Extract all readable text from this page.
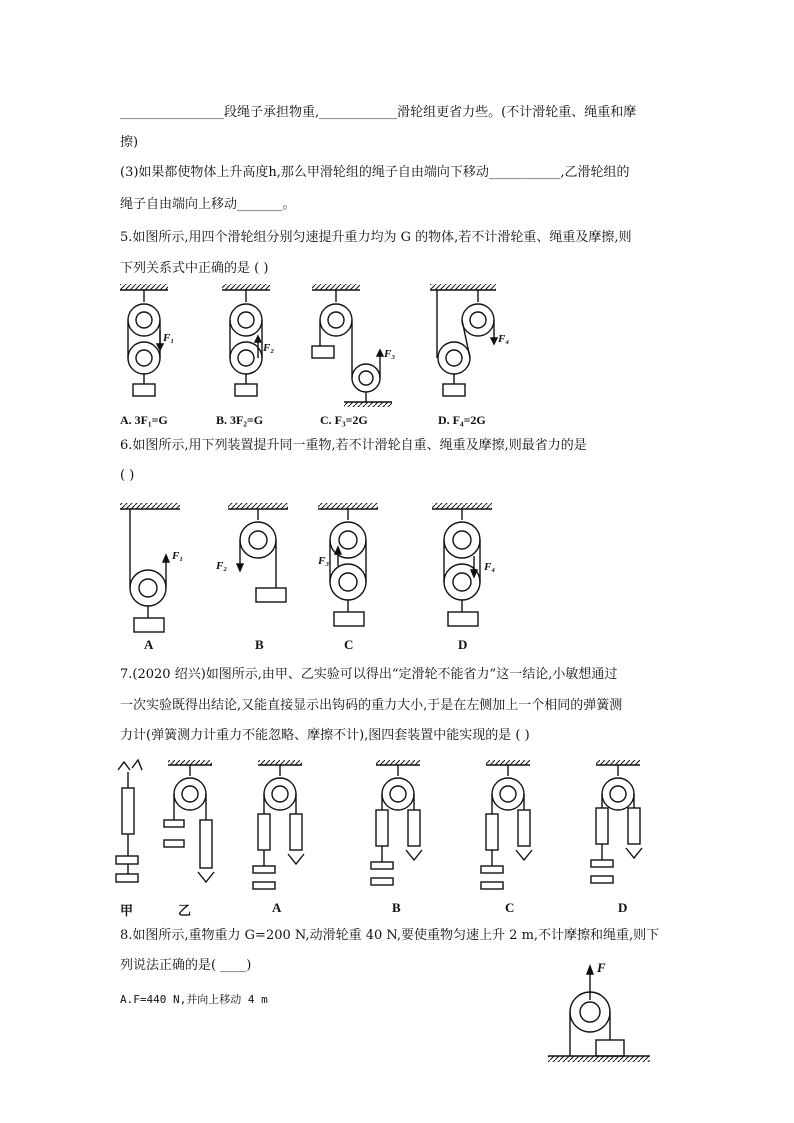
________________段绳子承担物重,____________滑轮组更省力些。(不计滑轮重、绳重和摩
擦)
(3)如果都使物体上升高度h,那么甲滑轮组的绳子自由端向下移动___________,乙滑轮组的
绳子自由端向上移动_______。
5.如图所示,用四个滑轮组分别匀速提升重力均为 G 的物体,若不计滑轮重、绳重及摩擦,则
下列关系式中正确的是 ( )
F₁
F₂	F₃
F₄
A. 3F₁=G	B. 3F₂=G	C. F₃=2G	D. F₄=2G
6.如图所示,用下列装置提升同一重物,若不计滑轮自重、绳重及摩擦,则最省力的是
( )
F₁
F₂	F₃	F₄
A	B	C	D
7.(2020 绍兴)如图所示,由甲、乙实验可以得出“定滑轮不能省力”这一结论,小敏想通过
一次实验既得出结论,又能直接显示出钩码的重力大小,于是在左侧加上一个相同的弹簧测
力计(弹簧测力计重力不能忽略、摩擦不计),图四套装置中能实现的是 ( )
甲	乙	A	B	C	D
8.如图所示,重物重力 G=200 N,动滑轮重 40 N,要使重物匀速上升 2 m,不计摩擦和绳重,则下
列说法正确的是( ____)
A.F=440 N,并向上移动 4 m
F
